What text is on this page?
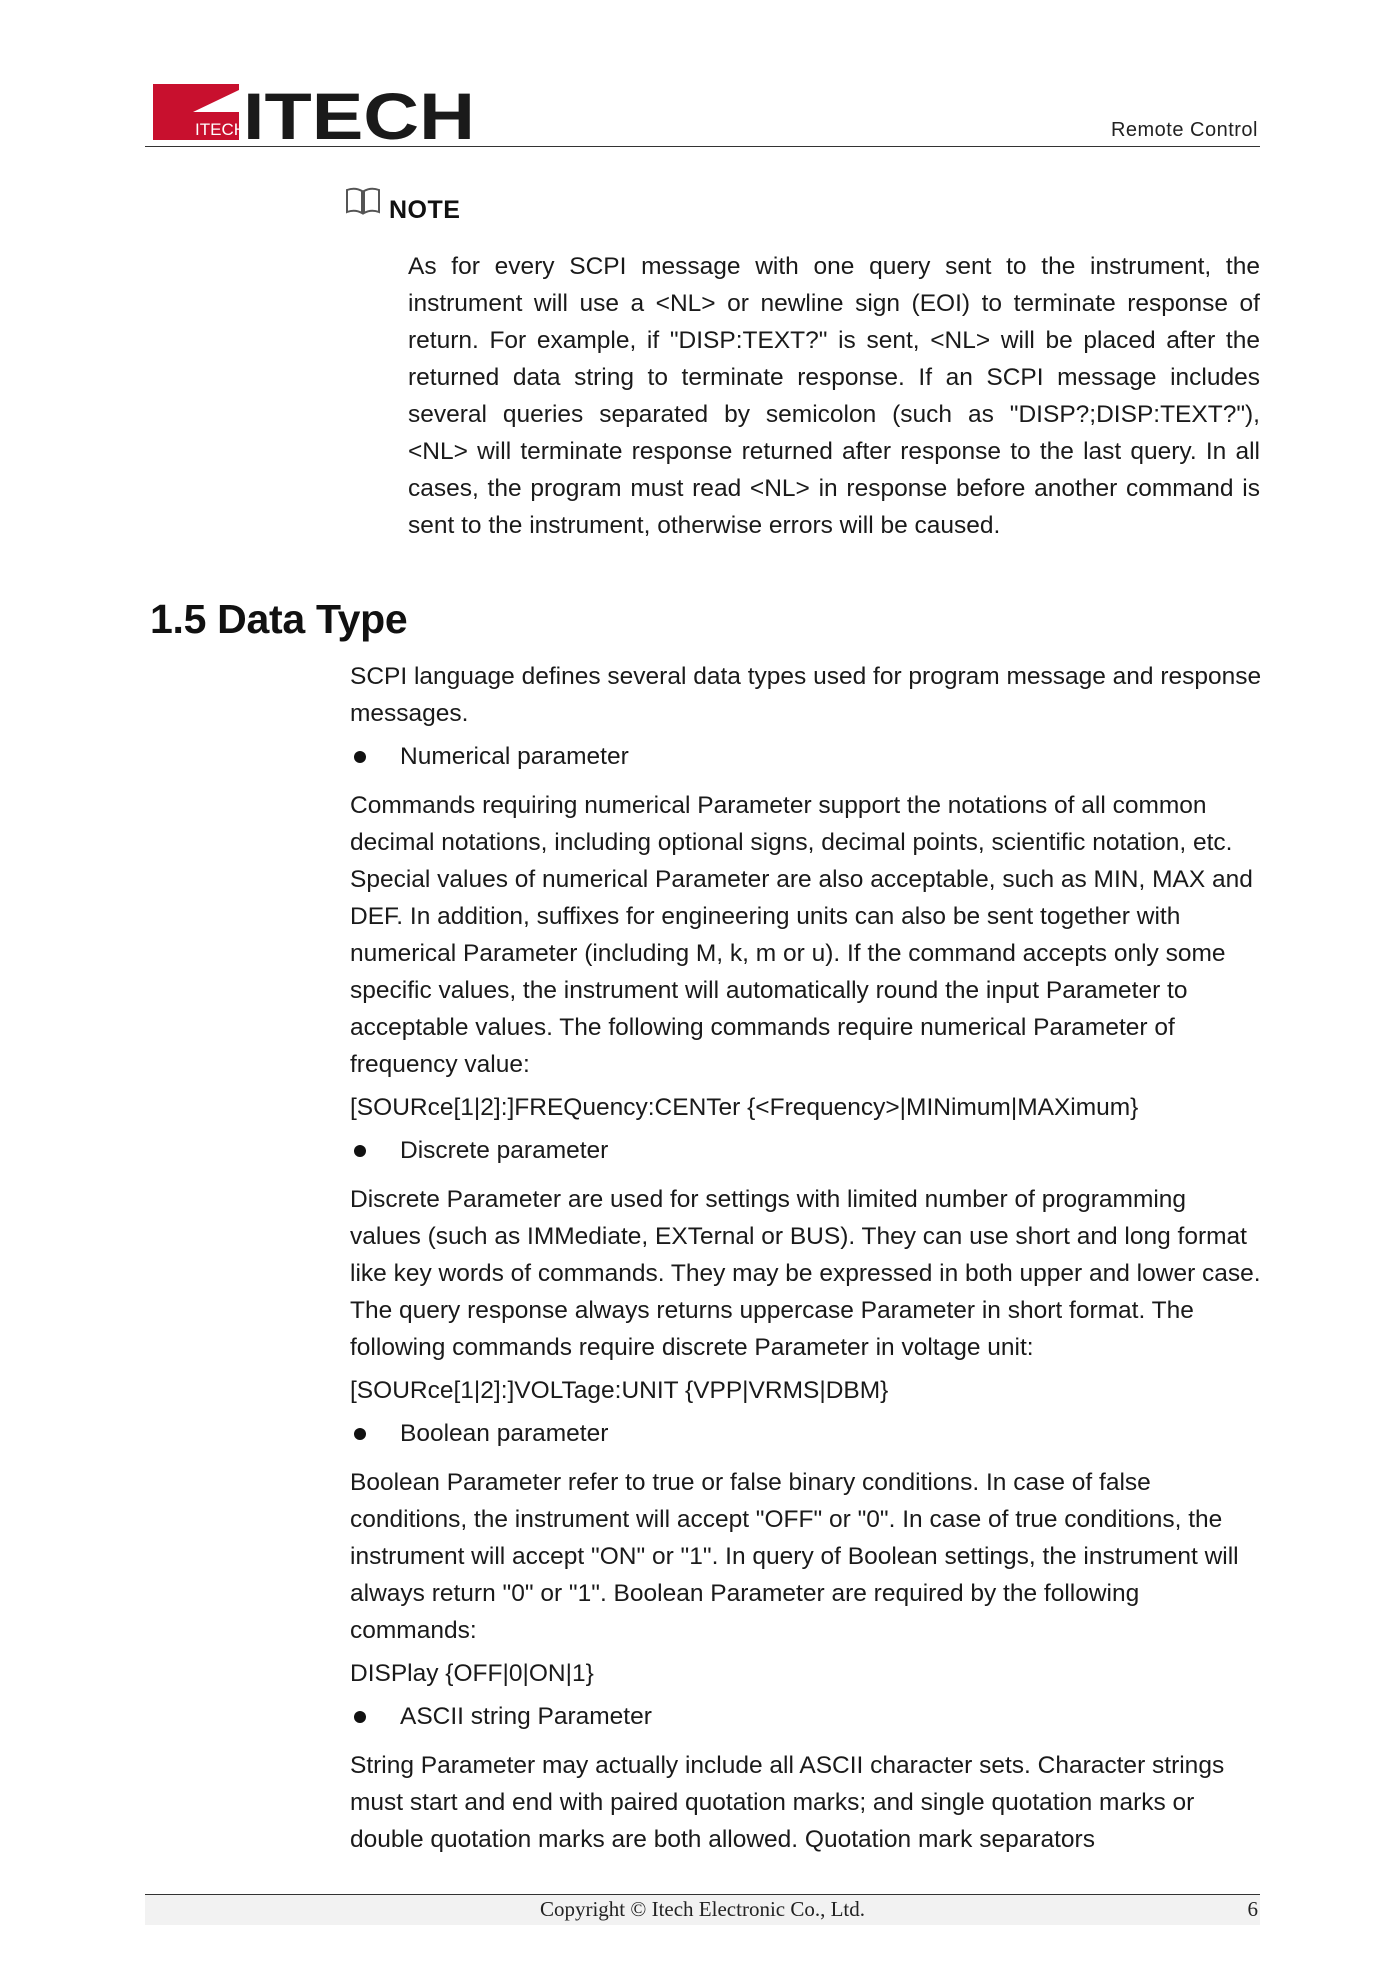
ITECH
ITECH	Remote Control
NOTE
As for every SCPI message with one query sent to the instrument, the instrument will use a <NL> or newline sign (EOI) to terminate response of return. For example, if "DISP:TEXT?" is sent, <NL> will be placed after the returned data string to terminate response. If an SCPI message includes several queries separated by semicolon (such as "DISP?;DISP:TEXT?"), <NL> will terminate response returned after response to the last query. In all cases, the program must read <NL> in response before another command is sent to the instrument, otherwise errors will be caused.
1.5 Data Type

SCPI language defines several data types used for program message and response messages.

Numerical parameter

Commands requiring numerical Parameter support the notations of all common decimal notations, including optional signs, decimal points, scientific notation, etc. Special values of numerical Parameter are also acceptable, such as MIN, MAX and DEF. In addition, suffixes for engineering units can also be sent together with numerical Parameter (including M, k, m or u). If the command accepts only some specific values, the instrument will automatically round the input Parameter to acceptable values. The following commands require numerical Parameter of frequency value:

[SOURce[1|2]:]FREQuency:CENTer {<Frequency>|MINimum|MAXimum}
Discrete parameter

Discrete Parameter are used for settings with limited number of programming values (such as IMMediate, EXTernal or BUS). They can use short and long format like key words of commands. They may be expressed in both upper and lower case. The query response always returns uppercase Parameter in short format. The following commands require discrete Parameter in voltage unit:

[SOURce[1|2]:]VOLTage:UNIT {VPP|VRMS|DBM}
Boolean parameter

Boolean Parameter refer to true or false binary conditions. In case of false conditions, the instrument will accept "OFF" or "0". In case of true conditions, the instrument will accept "ON" or "1". In query of Boolean settings, the instrument will always return "0" or "1". Boolean Parameter are required by the following commands:

DISPlay {OFF|0|ON|1}
ASCII string Parameter

String Parameter may actually include all ASCII character sets. Character strings must start and end with paired quotation marks; and single quotation marks or double quotation marks are both allowed. Quotation mark separators

Copyright © Itech Electronic Co., Ltd.	6
